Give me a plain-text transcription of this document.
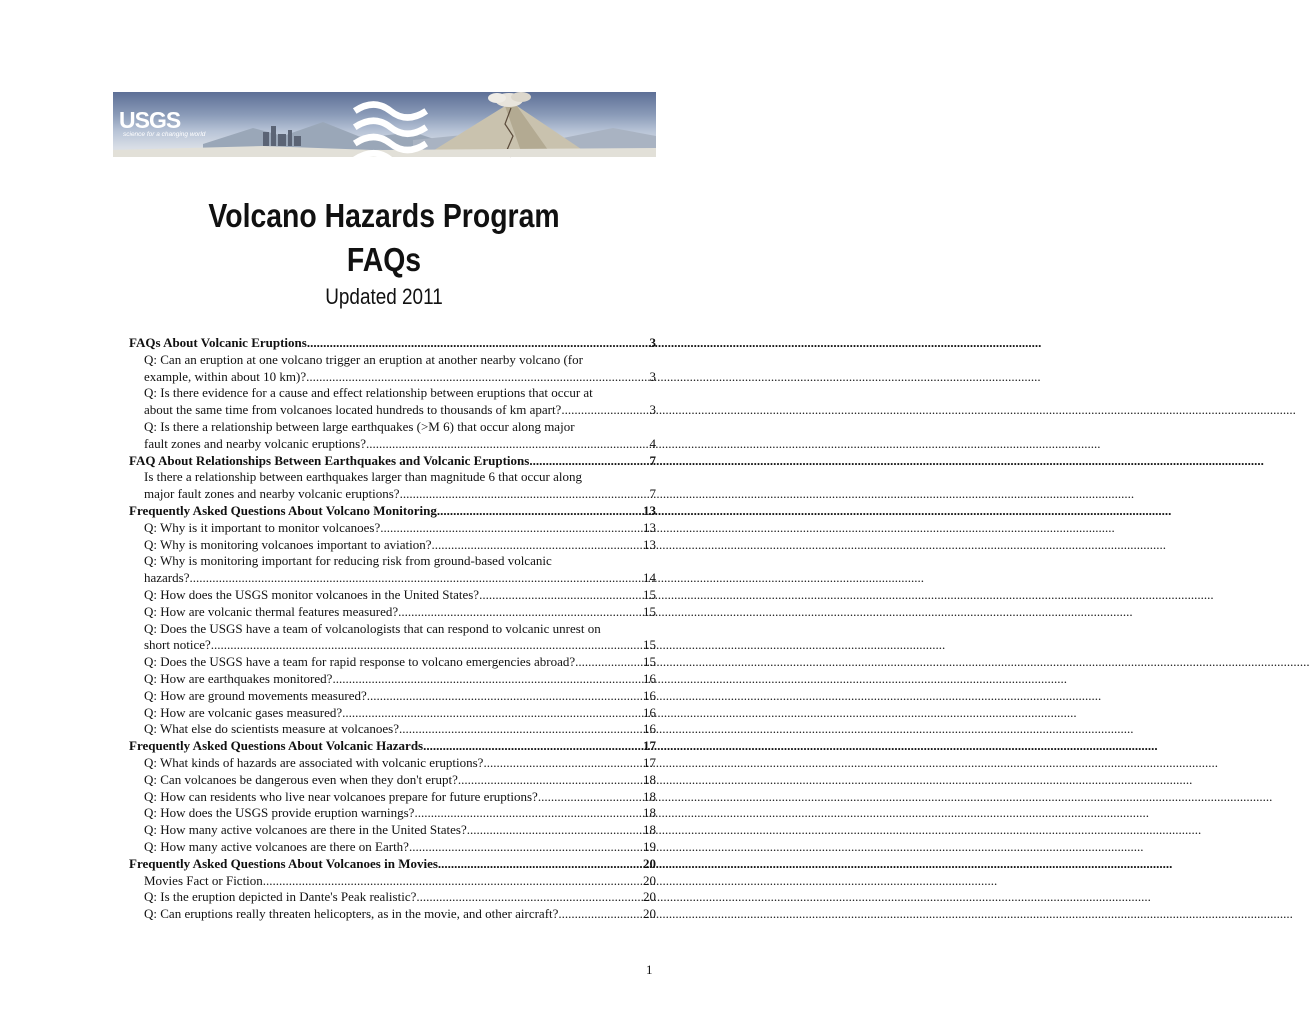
USGS
science for a changing world
Volcano Hazards Program
FAQs
Updated 2011
FAQs About Volcanic Eruptions .....	3
Q: Can an eruption at one volcano trigger an eruption at another nearby volcano (for
example, within about 10 km)? .....	3
Q: Is there evidence for a cause and effect relationship between eruptions that occur at
about the same time from volcanoes located hundreds to thousands of km apart? .....	3
Q: Is there a relationship between large earthquakes (>M 6) that occur along major
fault zones and nearby volcanic eruptions? .....	4
FAQ About Relationships Between Earthquakes and Volcanic Eruptions .....	7
Is there a relationship between earthquakes larger than magnitude 6 that occur along
major fault zones and nearby volcanic eruptions? .....	7
Frequently Asked Questions About Volcano Monitoring .....	13
Q: Why is it important to monitor volcanoes? .....	13
Q: Why is monitoring volcanoes important to aviation? .....	13
Q: Why is monitoring important for reducing risk from ground-based volcanic
hazards? .....	14
Q: How does the USGS monitor volcanoes in the United States? .....	15
Q: How are volcanic thermal features measured? .....	15
Q: Does the USGS have a team of volcanologists that can respond to volcanic unrest on
short notice? .....	15
Q: Does the USGS have a team for rapid response to volcano emergencies abroad? .....	15
Q: How are earthquakes monitored? .....	16
Q: How are ground movements measured? .....	16
Q: How are volcanic gases measured? .....	16
Q: What else do scientists measure at volcanoes? .....	16
Frequently Asked Questions About Volcanic Hazards .....	17
Q: What kinds of hazards are associated with volcanic eruptions? .....	17
Q: Can volcanoes be dangerous even when they don't erupt? .....	18
Q: How can residents who live near volcanoes prepare for future eruptions? .....	18
Q: How does the USGS provide eruption warnings? .....	18
Q: How many active volcanoes are there in the United States? .....	18
Q: How many active volcanoes are there on Earth? .....	19
Frequently Asked Questions About Volcanoes in Movies .....	20
Movies Fact or Fiction .....	20
Q: Is the eruption depicted in Dante's Peak realistic? .....	20
Q: Can eruptions really threaten helicopters, as in the movie, and other aircraft? .....	20
1
